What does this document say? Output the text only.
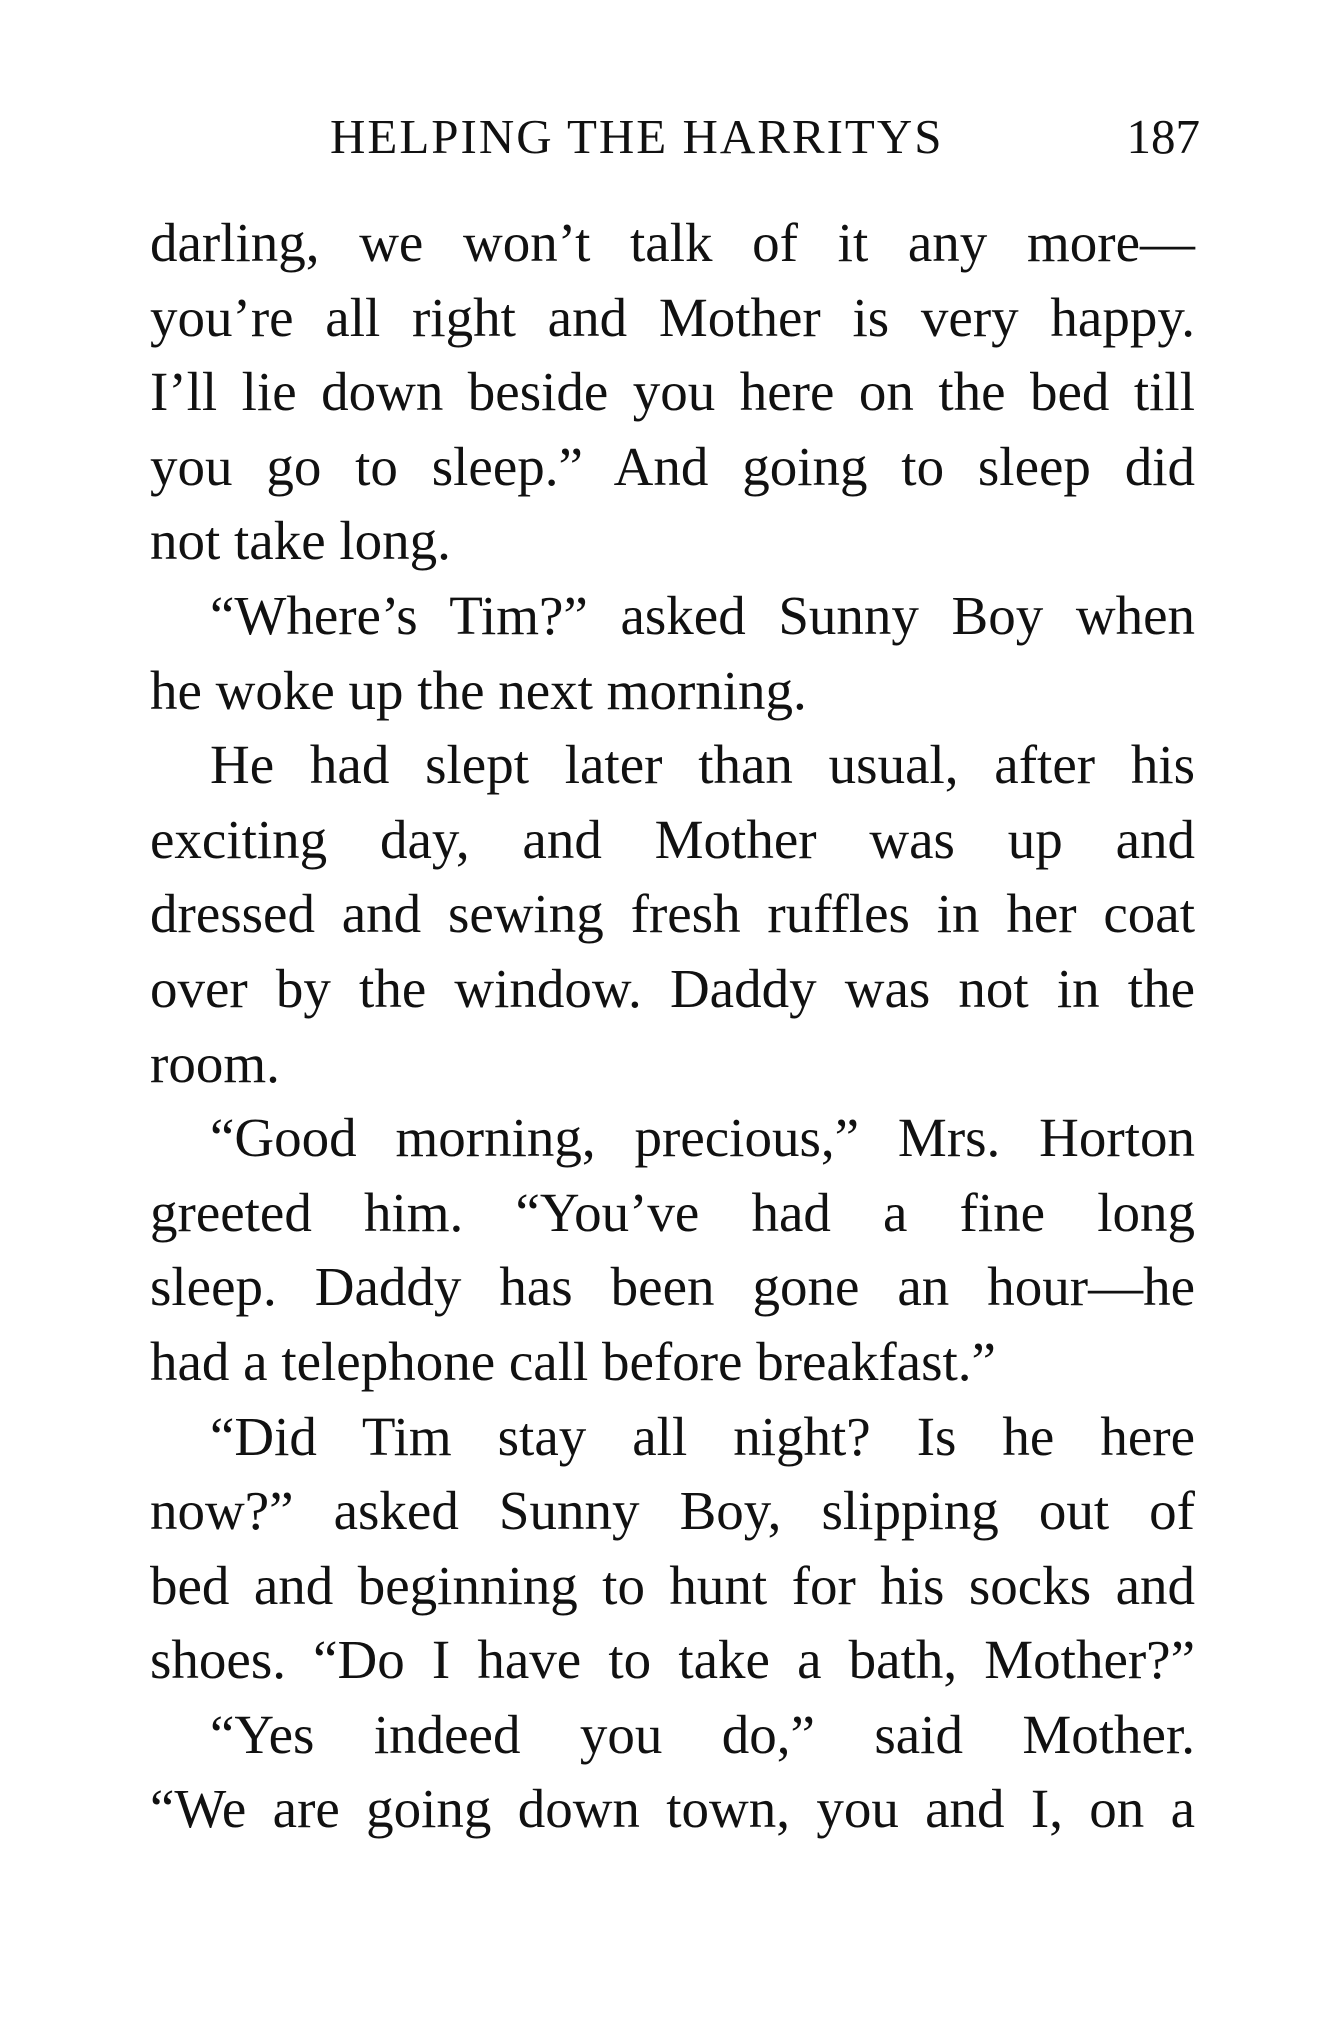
HELPING THE HARRITYS	187
darling, we won’t talk of it any more—
you’re all right and Mother is very happy.
I’ll lie down beside you here on the bed till
you go to sleep.” And going to sleep did
not take long.
“Where’s Tim?” asked Sunny Boy when
he woke up the next morning.
He had slept later than usual, after his
exciting day, and Mother was up and
dressed and sewing fresh ruffles in her coat
over by the window. Daddy was not in the
room.
“Good morning, precious,” Mrs. Horton
greeted him. “You’ve had a fine long
sleep. Daddy has been gone an hour—he
had a telephone call before breakfast.”
“Did Tim stay all night? Is he here
now?” asked Sunny Boy, slipping out of
bed and beginning to hunt for his socks and
shoes. “Do I have to take a bath, Mother?”
“Yes indeed you do,” said Mother.
“We are going down town, you and I, on a
